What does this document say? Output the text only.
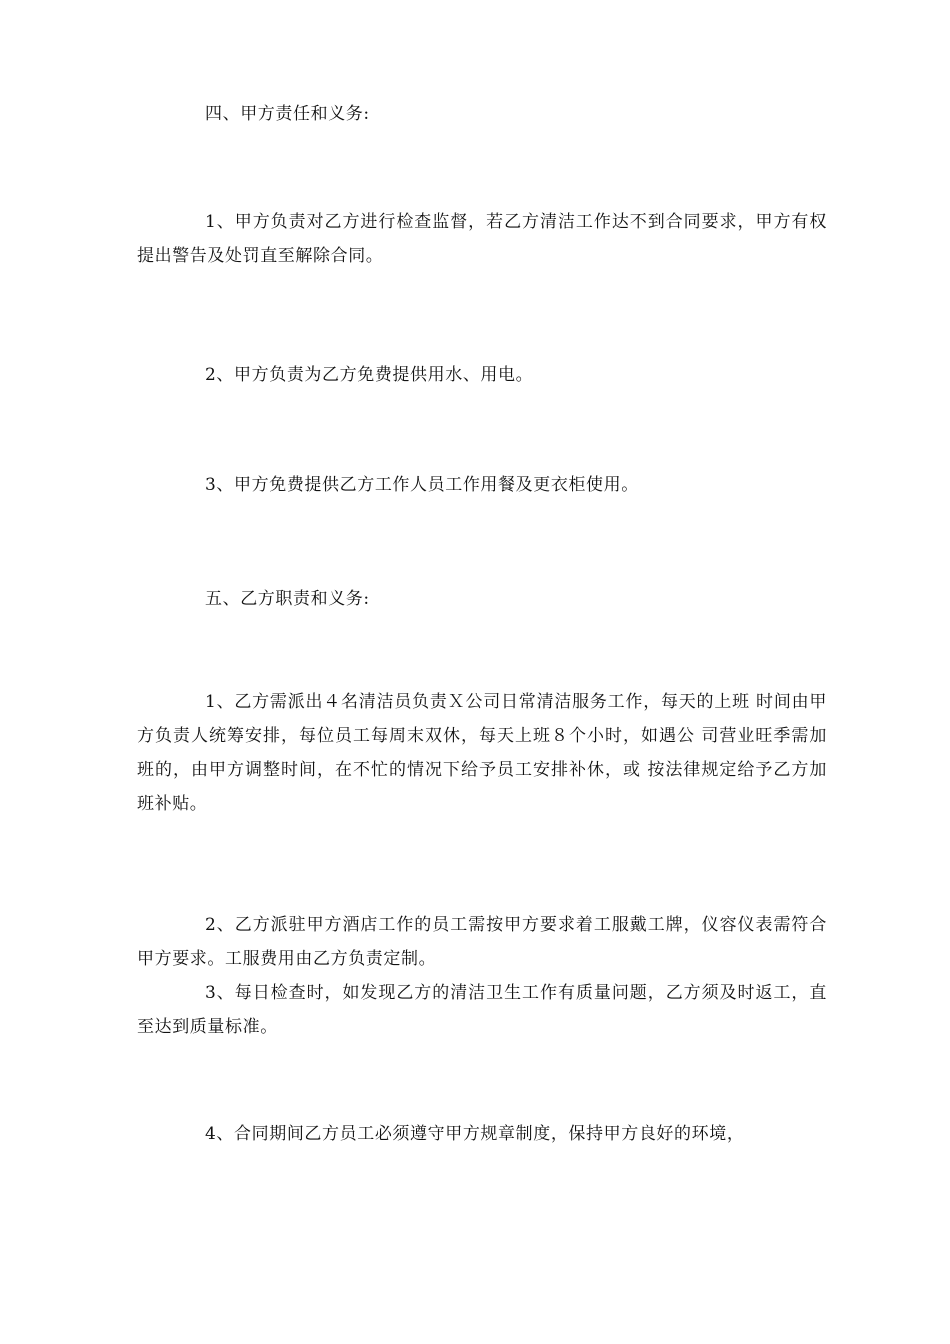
四、甲方责任和义务:

1、甲方负责对乙方进行检查监督，若乙方清洁工作达不到合同要求，甲方有权提出警告及处罚直至解除合同。

2、甲方负责为乙方免费提供用水、用电。

3、甲方免费提供乙方工作人员工作用餐及更衣柜使用。

五、乙方职责和义务:

1、乙方需派出４名清洁员负责Ｘ公司日常清洁服务工作，每天的上班 时间由甲方负责人统筹安排，每位员工每周末双休，每天上班８个小时，如遇公 司营业旺季需加班的，由甲方调整时间，在不忙的情况下给予员工安排补休，或 按法律规定给予乙方加班补贴。

2、乙方派驻甲方酒店工作的员工需按甲方要求着工服戴工牌，仪容仪表需符合甲方要求。工服费用由乙方负责定制。

3、每日检查时，如发现乙方的清洁卫生工作有质量问题，乙方须及时返工，直至达到质量标准。

4、合同期间乙方员工必须遵守甲方规章制度，保持甲方良好的环境，
